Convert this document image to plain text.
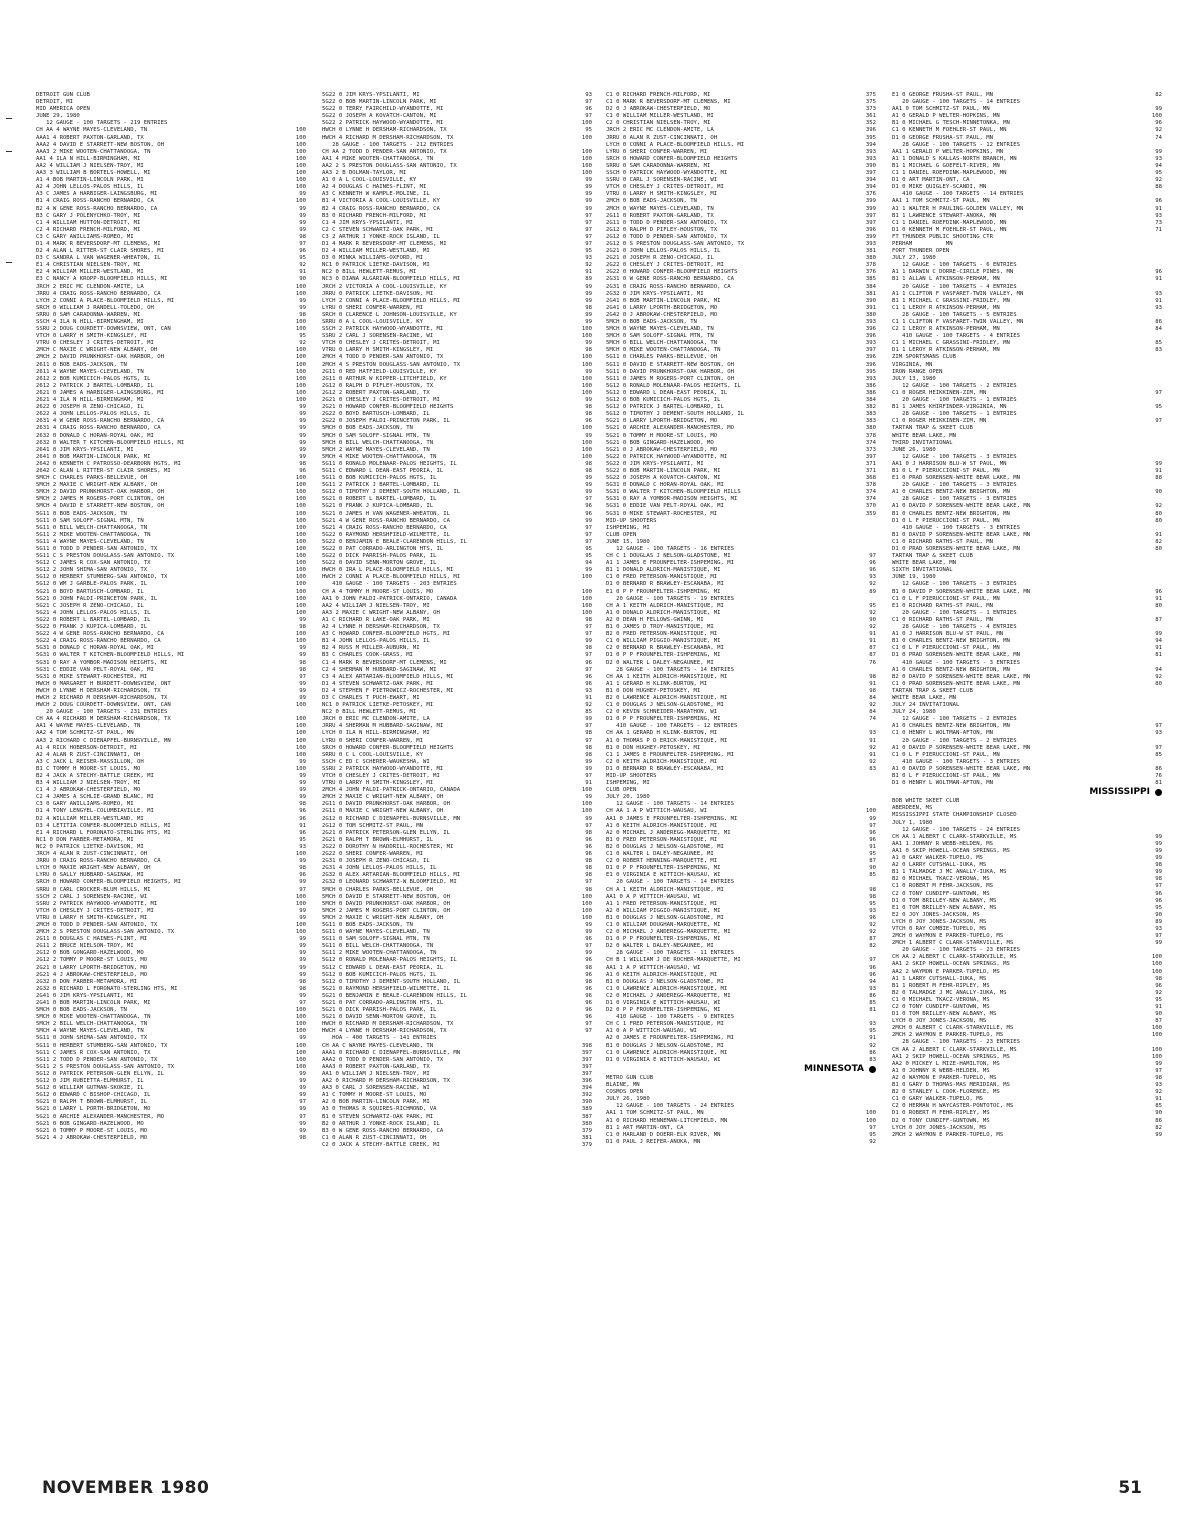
DETROIT GUN CLUB
DETROIT, MI
MID AMERICA OPEN
JUNE 29, 1980
12 GAUGE - 100 TARGETS - 219 ENTRIES
CH AA 4 WAYNE MAYES-CLEVELAND, TN	100
AAA1 4 ROBERT PAXTON-GARLAND, TX	100
AAA2 4 DAVID E STARRETT-NEW BOSTON, OH	100
AAA3 2 MIKE WOOTEN-CHATTANOOGA, TN	100
AA1 4 ILA N HILL-BIRMINGHAM, MI	100
AA2 4 WILLIAM J NIELSEN-TROY, MI	100
AA3 3 WILLIAM B BORTELS-HOWELL, MI	100
A1 4 BOB MARTIN-LINCOLN PARK, MI	100
A2 4 JOHN LELLOS-PALOS HILLS, IL	100
A3 C JAMES A HARBIGER-LAINGSBURG, MI	99
B1 4 CRAIG ROSS-RANCHO BERNARDO, CA	100
B2 4 W GENE ROSS-RANCHO BERNARDO, CA	99
B3 C GARY J POLENYCHKO-TROY, MI	99
C1 4 WILLIAM HUTTON-DETROIT, MI	99
C2 4 RICHARD FRENCH-MILFORD, MI	99
C3 C GARY AWILLIAMS-ROMEO, MI	98
D1 4 MARK R BEVERSDORF-MT CLEMENS, MI	97
D2 4 ALAN L RITTER-ST CLAIR SHORES, MI	96
D3 C SANDRA L VAN WAGENER-WHEATON, IL	95
E1 4 CHRISTIAN NIELSEN-TROY, MI	92
E2 4 WILLIAM MILLER-WESTLAND, MI	91
E3 C NANCY A KROPP-BLOOMFIELD HILLS, MI	90
JRCH 2 ERIC MC CLENDON-AMITE, LA	100
JRRU 4 CRAIG ROSS-RANCHO BERNARDO, CA	100
LYCH 2 CONNI A PLACE-BLOOMFIELD HILLS, MI	99
SRCH 0 WILLIAM J RANDELL-TOLEDO, OH	99
SRRU 0 SAM CARADONNA-WARREN, MI	98
SSCH 4 ILA N HILL-BIRMINGHAM, MI	100
SSRU 2 DOUG COURDETT-DOWNSVIEW, ONT, CAN	100
VTCH 0 LARRY H SMITH-KINGSLEY, MI	95
VTRU 0 CHESLEY J CRITES-DETROIT, MI	92
2MCH C MAXIE C WRIGHT-NEW ALBANY, OH	100
2MCH 2 DAVID PRUNKHORST-OAK HARBOR, OH	100
2611 0 BOB EADS-JACKSON, TN	100
2611 4 WAYNE MAYES-CLEVELAND, TN	100
2612 2 BOB KUMICICH-PALOS HGTS, IL	100
2612 2 PATRICK J BARTEL-LOMBARD, IL	100
2621 0 JAMES A HARBIGER-LAINGSBURG, MI	100
2621 4 ILA N HILL-BIRMINGHAM, MI	100
2622 0 JOSEPH R ZENO-CHICAGO, IL	99
2622 4 JOHN LELLOS-PALOS HILLS, IL	99
2631 4 W GENE ROSS-RANCHO BERNARDO, CA	99
2631 4 CRAIG ROSS-RANCHO BERNARDO, CA	99
2632 0 DONALD C HORAN-ROYAL OAK, MI	99
2632 0 WALTER T KITCHEN-BLOOMFIELD HILLS, MI	99
2641 0 JIM KRYS-YPSILANTI, MI	99
2641 0 BOB MARTIN-LINCOLN PARK, MI	99
2642 0 KENNETH C PATROSSO-DEARBORN HGTS, MI	98
2642 C ALAN L RITTER-ST CLAIR SHORES, MI	96
5MCH C CHARLES PARKS-BELLEVUE, OH	100
5MCH 2 MAXIE C WRIGHT-NEW ALBANY, OH	100
5MCH 2 DAVID PRUNKHORST-OAK HARBOR, OH	100
5MCH 2 JAMES M ROGERS-PORT CLINTON, OH	100
5MCH 4 DAVID E STARRETT-NEW BOSTON, OH	100
5G11 0 BOB EADS-JACKSON, TN	100
5G11 0 SAM SOLOFF-SIGNAL MTN, TN	100
5G11 0 BILL WELCH-CHATTANOOGA, TN	100
5G11 2 MIKE WOOTEN-CHATTANOOGA, TN	100
5G11 4 WAYNE MAYES-CLEVELAND, TN	100
5G11 0 TODD D PENDER-SAN ANTONIO, TX	100
5G11 C S PRESTON DOUGLASS-SAN ANTONIO, TX	100
5G12 C JAMES R COX-SAN ANTONIO, TX	100
5G12 2 JOHN SHIMA-SAN ANTONIO, TX	100
5G12 0 HERBERT STUMBERG-SAN ANTONIO, TX	100
5G12 0 WM J GARBLE-PALOS PARK, IL	100
5G21 0 BOYD BARTUSCH-LOMBARD, IL	100
5G21 0 JOHN FALDI-PRINCETON PARK, IL	100
5G21 C JOSEPH R ZENO-CHICAGO, IL	100
5G21 4 JOHN LELLOS-PALOS HILLS, IL	100
5G22 0 ROBERT L BARTEL-LOMBARD, IL	99
5G22 0 FRANK J KUPICA-LOMBARD, IL	98
5G22 4 W GENE ROSS-RANCHO BERNARDO, CA	100
5G22 4 CRAIG ROSS-RANCHO BERNARDO, CA	100
5G31 0 DONALD C HORAN-ROYAL OAK, MI	99
5G31 0 WALTER T KITCHEN-BLOOMFIELD HILLS, MI	99
5G31 0 RAY A YOMBOR-MADISON HEIGHTS, MI	98
5G31 C EDDIE VAN PELT-ROYAL OAK, MI	98
5G31 0 MIKE STEWART-ROCHESTER, MI	97
HWCH 0 MARGARET H BURDETT-DOWNSVIEW, ONT	99
HWCH 0 LYNNE H DERSHAM-RICHARDSON, TX	99
HWCH 2 RICHARD M DERSHAM-RICHARDSON, TX	99
HWCH 2 DOUG COURDETT-DOWNSVIEW, ONT, CAN	100
20 GAUGE - 100 TARGETS - 231 ENTRIES
CH AA 4 RICHARD M DERSHAM-RICHARDSON, TX	100
AA1 4 WAYNE MAYES-CLEVELAND, TN	100
AA2 4 TOM SCHMITZ-ST PAUL, MN	100
AA3 2 RICHARD C DIENAPFEL-BURNSVILLE, MN	100
A1 4 RICK HOBERSON-DETROIT, MI	100
A2 4 ALAN R ZUST-CINCINNATI, OH	100
A3 C JACK L REISER-MASSILLON, OH	99
B1 C TOMMY H MOORE-ST LOUIS, MO	100
B2 4 JACK A STECHY-BATTLE CREEK, MI	99
B3 4 WILLIAM J NIELSEN-TROY, MI	99
C1 4 J ABROKAW-CHESTERFIELD, MO	99
C2 4 JAMES A SCHLIE-GRAND BLANC, MI	99
C3 0 GARY AWILLIAMS-ROMEO, MI	98
D1 4 TONY LENGYEL-COLUMBIAVILLE, MI	96
D2 4 WILLIAM MILLER-WESTLAND, MI	96
D3 4 LETITIA CONFER-BLOOMFIELD HILLS, MI	91
E1 4 RICHARD L FORONATO-STERLING HTS, MI	96
NC1 0 DON FARBER-METAMORA, MI	95
NC2 0 PATRICK LIETKE-DAVISON, MI	93
JRCH 4 ALAN R ZUST-CINCINNATI, OH	100
JRRU 0 CRAIG ROSS-RANCHO BERNARDO, CA	99
LYCH 0 MAXIE WRIGHT-NEW ALBANY, OH	98
LYRU 0 SALLY HUBBARD-SAGINAW, MI	96
SRCH 0 HOWARD CONFER-BLOOMFIELD HEIGHTS, MI	99
SRRU 0 CARL CROCKER-BLUM HILLS, MI	97
SSCH 2 CARL J SORENSEN-RACINE, WI	100
SSRU 2 PATRICK HAYWOOD-WYANDOTTE, MI	100
VTCH 0 CHESLEY J CRITES-DETROIT, MI	99
VTRU 0 LARRY H SMITH-KINGSLEY, MI	99
2MCH 0 TODD D PENDER-SAN ANTONIO, TX	100
2MCH 2 S PRESTON DOUGLASS-SAN ANTONIO, TX	100
2G11 0 DOUGLAS C HAINES-FLINT, MI	99
2G11 2 BRUCE NIELSON-TROY, MI	99
2G12 0 BOB GONGARD-HAZELWOOD, MO	99
2G12 2 TOMMY P MOORE-ST LOUIS, MO	99
2G21 0 LARRY LPORTH-BRIDGETON, MO	99
2G21 4 J ABROKAW-CHESTERFIELD, MO	99
2G32 0 DON FARBER-METAMORA, MI	98
2G32 0 RICHARD L FORONATO-STERLING HTS, MI	98
2G41 0 JIM KRYS-YPSILANTI, MI	99
2G41 0 BOB MARTIN-LINCOLN PARK, MI	97
5MCH 0 BOB EADS-JACKSON, TN	100
5MCH 0 MIKE WOOTEN-CHATTANOOGA, TN	100
5MCH 2 BILL WELCH-CHATTANOOGA, TN	100
5MCH 4 WAYNE MAYES-CLEVELAND, TN	100
5G11 0 JOHN SHIMA-SAN ANTONIO, TX	99
5G11 0 HERBERT STUMBERG-SAN ANTONIO, TX	100
5G11 C JAMES R COX-SAN ANTONIO, TX	100
5G11 2 TODD D PENDER-SAN ANTONIO, TX	100
5G11 2 S PRESTON DOUGLASS-SAN ANTONIO, TX	100
5G12 0 PATRICK PETERSON-GLEN ELLYN, IL	99
5G12 0 JIM RUBIETTA-ELMHURST, IL	99
5G12 0 WILLIAM GUTMAN-SKOKIE, IL	99
5G12 0 EDWARD C BISHOP-CHICAGO, IL	99
5G21 0 RALPH T BROWN-ELMHURST, IL	97
5G21 0 LARRY L PORTH-BRIDGETON, MO	99
5G21 0 ARCHIE ALEXANDER-MANCHESTER, MO	97
5G21 0 BOB GINGARD-HAZELWOOD, MO	99
5G21 0 TOMMY P MOORE-ST LOUIS, MO	99
5G21 4 J ABROKAW-CHESTERFIELD, MO	98
5G22 0 JIM KRYS-YPSILANTI, MI	93
5G22 0 BOB MARTIN-LINCOLN PARK, MI	97
5G22 0 TERRY FAIRCHILD-WYANDOTTE, MI	96
5G22 0 JOSEPH A KOVATCH-CANTON, MI	97
5G22 2 PATRICK HAYWOOD-WYANDOTTE, MI	100
HWCH 0 LYNNE H DERSHAM-RICHARDSON, TX	95
HWCH 4 RICHARD M DERSHAM-RICHARDSON, TX	100
28 GAUGE - 100 TARGETS - 212 ENTRIES
CH AA 2 TODD D PENDER-SAN ANTONIO, TX	100
AA1 4 MIKE WOOTEN-CHATTANOOGA, TN	100
AA2 2 S PRESTON DOUGLASS-SAN ANTONIO, TX	100
AA3 2 B DOLMAN-TAYLOR, MI	100
A1 0 A L COOL-LOUISVILLE, KY	99
A2 4 DOUGLAS C HAINES-FLINT, MI	99
A3 C KENNETH W KAMPLE-MOLINE, IL	99
B1 4 VICTORIA A COOL-LOUISVILLE, KY	99
B2 4 CRAIG ROSS-RANCHO BERNARDO, CA	99
B3 0 RICHARD FRENCH-MILFORD, MI	97
C1 4 JIM KRYS-YPSILANTI, MI	97
C2 C STEVEN SCHWARTZ-OAK PARK, MI	97
C3 2 ARTHUR J YONKE-ROCK ISLAND, IL	97
D1 4 MARK R BEVERSDORF-MT CLEMENS, MI	97
D2 4 WILLIAM MILLER-WESTLAND, MI	95
D3 0 MINKA WILLIAMS-OXFORD, MI	93
NC1 0 PATRICK LIETKE-DAVISON, MI	92
NC2 0 BILL HEWLETT-REMUS, MI	91
NC3 0 DIANA ALGARIAN-BLOOMFIELD HILLS, MI	89
JRCH 2 VICTORIA A COOL-LOUISVILLE, KY	99
JRRU 0 PATRICK LIETKE-DAVISON, MI	99
LYCH 2 CONNI A PLACE-BLOOMFIELD HILLS, MI	99
LYRU 0 SHERI CONFER-WARREN, MI	98
SRCH 0 CLARENCE L JOHNSON-LOUISVILLE, KY	99
SRRU 0 A L COOL-LOUISVILLE, KY	99
SSCH 2 PATRICK HAYWOOD-WYANDOTTE, MI	100
SSRU 2 CARL J SORENSEN-RACINE, WI	100
VTCH 0 CHESLEY J CRITES-DETROIT, MI	99
VTRU 0 LARRY H SMITH-KINGSLEY, MI	98
2MCH 4 TODD D PENDER-SAN ANTONIO, TX	100
2MCH 4 S PRESTON DOUGLASS-SAN ANTONIO, TX	100
2G11 0 RED HATFIELD-LOUISVILLE, KY	99
2G11 0 ARTHUR W KIPPER-LITCHFIELD, KY	100
2G12 0 RALPH D PIFLEY-HOUSTON, TX	100
2G12 2 ROBERT PAXTON-GARLAND, TX	100
2G21 0 CHESLEY J CRITES-DETROIT, MI	99
2G21 0 HOWARD CONFER-BLOOMFIELD HEIGHTS	98
2G22 0 BOYD BARTUSCH-LOMBARD, IL	98
2G22 0 JOSEPH FALDI-PRINCETON PARK, IL	96
5MCH 0 BOB EADS-JACKSON, TN	100
5MCH 0 SAM SOLOFF-SIGNAL MTN, TN	99
5MCH 0 BILL WELCH-CHATTANOOGA, TN	100
5MCH 2 WAYNE MAYES-CLEVELAND, TN	100
5MCH 4 MIKE WOOTEN-CHATTANOOGA, TN	100
5G11 0 RONALD MOLENAAR-PALOS HEIGHTS, IL	98
5G11 C EDWARD L DEAN-EAST PEORIA, IL	98
5G11 0 BOB KUMICICH-PALOS HGTS, IL	99
5G11 2 PATRICK J BARTEL-LOMBARD, IL	99
5G12 0 TIMOTHY J DEMENT-SOUTH HOLLAND, IL	99
5G21 0 ROBERT L BARTEL-LOMBARD, IL	97
5G21 0 FRANK J KUPICA-LOMBARD, IL	96
5G21 0 JAMES H VAN WAGENER-WHEATON, IL	96
5G21 4 W GENE ROSS-RANCHO BERNARDO, CA	99
5G21 4 CRAIG ROSS-RANCHO BERNARDO, CA	97
5G22 0 RAYMOND HERSHFIELD-WILMETTE, IL	97
5G22 0 BENJAMIN E BEALE-CLARENDON HILLS, IL	97
5G22 0 PAT CORRADO-ARLINGTON HTS, IL	95
5G22 0 DICK PARRISH-PALOS PARK, IL	95
5G22 0 DAVID SENN-MORTON GROVE, IL	94
HWCH 0 IRA L PLACE-BLOOMFIELD HILLS, MI	99
HWCH 2 CONNI A PLACE-BLOOMFIELD HILLS, MI	100
410 GAUGE - 100 TARGETS - 203 ENTRIES
CH A 4 TOMMY H MOORE-ST LOUIS, MO	100
AA1 0 JOHN FALDI-PATRICK-ONTARIO, CANADA	100
AA2 4 WILLIAM J NIELSEN-TROY, MI	100
AA3 2 MAXIE C WRIGHT-NEW ALBANY, OH	100
A1 C RICHARD R LAKE-OAK PARK, MI	98
A2 4 LYNNE H DERSHAM-RICHARDSON, TX	97
A3 C HOWARD CONFER-BLOOMFIELD HGTS, MI	97
B1 4 JOHN LELLOS-PALOS HILLS, IL	99
B2 4 RUSS M MILLER-AUBURN, MI	98
B3 C CHARLES COOK-GRASS, MI	97
C1 4 MARK R BEVERSDORF-MT CLEMENS, MI	96
C2 4 SHERMAN M HUBBARD-SAGINAW, MI	97
C3 4 ALEX ARTARIAN-BLOOMFIELD HILLS, MI	96
D1 4 STEVEN SCHWARTZ-OAK PARK, MI	96
D2 4 STEPHEN F PIETROWICZ-ROCHESTER, MI	93
D3 C CHARLES T PUCH-EWART, MI	91
NC1 0 PATRICK LIETKE-PETOSKEY, MI	92
NC2 0 BILL HEWLETT-REMUS, MI	85
JRCH 0 ERIC MC CLENDON-AMITE, LA	99
JRRU 4 SHERMAN M HUBBARD-SAGINAW, MI	97
LYCH 0 ILA N HILL-BIRMINGHAM, MI	98
LYRU 0 SHERI CONFER-WARREN, MI	97
SRCH 0 HOWARD CONFER-BLOOMFIELD HEIGHTS	98
SRRU 0 C L COOL-LOUISVILLE, KY	98
SSCH C ED C SCHERER-WAUKESHA, WI	99
SSRU 2 PATRICK HAYWOOD-WYANDOTTE, MI	99
VTCH 0 CHESLEY J CRITES-DETROIT, MI	97
VTRU 0 LARRY H SMITH-KINGSLEY, MI	91
2MCH 4 JOHN FALDI-PATRICK-ONTARIO, CANADA	100
2MCH 2 MAXIE C WRIGHT-NEW ALBANY, OH	99
2G11 0 DAVID PRUNKHORST-OAK HARBOR, OH	100
2G11 0 MAXIE C WRIGHT-NEW ALBANY, OH	100
2G12 0 RICHARD C DIENAPFEL-BURNSVILLE, MN	99
2G12 0 TOM SCHMITZ-ST PAUL, MN	97
2G21 0 PATRICK PETERSON-GLEN ELLYN, IL	98
2G21 0 RALPH T BROWN-ELMHURST, IL	96
2G22 0 DOROTHY N HADDRILL-ROCHESTER, MI	96
2G22 0 SHERI CONFER-WARREN, MI	96
2G31 0 JOSEPH R ZENO-CHICAGO, IL	98
2G31 4 JOHN LELLOS-PALOS HILLS, IL	98
2G32 0 ALEX ARTARIAN-BLOOMFIELD HILLS, MI	98
2G32 0 LEONARD SCHWARTZ-W BLOOMFIELD, MI	97
5MCH 0 CHARLES PARKS-BELLEVUE, OH	98
5MCH 0 DAVID E STARRETT-NEW BOSTON, OH	100
5MCH 0 DAVID PRUNKHORST-OAK HARBOR, OH	100
5MCH 2 JAMES M ROGERS-PORT CLINTON, OH	100
5MCH 2 MAXIE C WRIGHT-NEW ALBANY, OH	100
5G11 0 BOB EADS-JACKSON, TN	99
5G11 0 WAYNE MAYES-CLEVELAND, TN	99
5G11 0 SAM SOLOFF-SIGNAL MTN, TN	96
5G11 0 BILL WELCH-CHATTANOOGA, TN	97
5G11 2 MIKE WOOTEN-CHATTANOOGA, TN	99
5G12 0 RONALD MOLENAAR-PALOS HEIGHTS, IL	96
5G12 C EDWARD L DEAN-EAST PEORIA, IL	98
5G12 0 BOB KUMICICH-PALOS HGTS, IL	96
5G12 0 TIMOTHY J DEMENT-SOUTH HOLLAND, IL	98
5G21 0 RAYMOND HERSHFIELD-WILMETTE, IL	96
5G21 0 BENJAMIN E BEALE-CLARENDON HILLS, IL	96
5G21 0 PAT CORRADO-ARLINGTON HTS, IL	96
5G21 0 DICK PARRISH-PALOS PARK, IL	96
5G21 0 DAVID SENN-MORTON GROVE, IL	96
HWCH 0 RICHARD M DERSHAM-RICHARDSON, TX	97
HWCH 4 LYNNE H DERSHAM-RICHARDSON, TX	97
HOA - 400 TARGETS - 141 ENTRIES
CH AA C WAYNE MAYES-CLEVELAND, TN	398
AAA1 0 RICHARD C DIENAPFEL-BURNSVILLE, MN	397
AAA2 0 TODD D PENDER-SAN ANTONIO, TX	397
AAA3 0 ROBERT PAXTON-GARLAND, TX	397
AA1 0 WILLIAM J NIELSEN-TROY, MI	397
AA2 0 RICHARD M DERSHAM-RICHARDSON, TX	396
AA3 0 CARL J SORENSEN-RACINE, WI	394
A1 C TOMMY H MOORE-ST LOUIS, MO	392
A2 0 BOB MARTIN-LINCOLN PARK, MI	390
A3 0 THOMAS R SQUIRES-RICHMOND, VA	389
B1 0 STEVEN SCHWARTZ-OAK PARK, MI	387
B2 0 ARTHUR J YONKE-ROCK ISLAND, IL	380
B3 0 W GENE ROSS-RANCHO BERNARDO, CA	379
C1 0 ALAN R ZUST-CINCINNATI, OH	381
C2 0 JACK A STECHY-BATTLE CREEK, MI	379
C1 0 RICHARD FRENCH-MILFORD, MI	375
C1 0 MARK R BEVERSDORF-MT CLEMENS, MI	375
D2 0 J ABROKAW-CHESTERFIELD, MO	373
C1 0 WILLIAM MILLER-WESTLAND, MI	361
C2 0 CHRISTIAN NIELSEN-TROY, MI	352
JRCH 2 ERIC MC CLENDON-AMITE, LA	396
JRRU 0 ALAN R ZUST-CINCINNATI, OH	395
LYCH 0 CONNI A PLACE-BLOOMFIELD HILLS, MI	394
LYRU 0 SHERI CONFER-WARREN, MI	393
SRCH 0 HOWARD CONFER-BLOOMFIELD HEIGHTS	393
SRRU 0 SAM CARADONNA-WARREN, MI	390
SSCH 0 PATRICK HAYWOOD-WYANDOTTE, MI	397
SSRU 0 CARL J SORENSEN-RACINE, WI	394
VTCH 0 CHESLEY J CRITES-DETROIT, MI	394
VTRU 0 LARRY H SMITH-KINGSLEY, MI	376
2MCH 0 BOB EADS-JACKSON, TN	399
2MCH 0 WAYNE MAYES-CLEVELAND, TN	399
2G11 0 ROBERT PAXTON-GARLAND, TX	397
2G11 0 TODD D PENDER-SAN ANTONIO, TX	397
2G12 0 RALPH D PIFLEY-HOUSTON, TX	396
2G12 0 TODD D PENDER-SAN ANTONIO, TX	399
2G12 0 S PRESTON DOUGLASS-SAN ANTONIO, TX	393
2G21 0 JOHN LELLOS-PALOS HILLS, IL	381
2G21 0 JOSEPH R ZENO-CHICAGO, IL	380
2G22 0 CHESLEY J CRITES-DETROIT, MI	378
2G22 0 HOWARD CONFER-BLOOMFIELD HEIGHTS	376
2G31 0 W GENE ROSS-RANCHO BERNARDO, CA	385
2G31 0 CRAIG ROSS-RANCHO BERNARDO, CA	384
2G32 0 JIM KRYS-YPSILANTI, MI	381
2G41 0 BOB MARTIN-LINCOLN PARK, MI	390
2G41 0 LARRY LPORTH-BRIDGETON, MO	391
2G42 0 J ABROKAW-CHESTERFIELD, MO	380
5MCH 0 BOB EADS-JACKSON, TN	393
5MCH 0 WAYNE MAYES-CLEVELAND, TN	396
5MCH 0 SAM SOLOFF-SIGNAL MTN, TN	396
5MCH 0 BILL WELCH-CHATTANOOGA, TN	393
5MCH 0 MIKE WOOTEN-CHATTANOOGA, TN	397
5G11 0 CHARLES PARKS-BELLEVUE, OH	396
5G11 0 DAVID E STARRETT-NEW BOSTON, OH	396
5G11 0 DAVID PRUNKHORST-OAK HARBOR, OH	395
5G11 0 JAMES M ROGERS-PORT CLINTON, OH	393
5G12 0 RONALD MOLENAAR-PALOS HEIGHTS, IL	386
5G12 0 EDWARD L DEAN-EAST PEORIA, IL	386
5G12 0 BOB KUMICICH-PALOS HGTS, IL	384
5G12 0 PATRICK J BARTEL-LOMBARD, IL	382
5G12 0 TIMOTHY J DEMENT-SOUTH HOLLAND, IL	383
5G21 0 LARRY LPORTH-BRIDGETON, MO	383
5G21 0 ARCHIE ALEXANDER-MANCHESTER, MO	380
5G21 0 TOMMY H MOORE-ST LOUIS, MO	378
5G21 0 BOB GINGARD-HAZELWOOD, MO	374
5G21 0 J ABROKAW-CHESTERFIELD, MO	373
5G22 0 PATRICK HAYWOOD-WYANDOTTE, MI	397
5G22 0 JIM KRYS-YPSILANTI, MI	371
5G22 0 BOB MARTIN-LINCOLN PARK, MI	371
5G22 0 JOSEPH A KOVATCH-CANTON, MI	368
5G31 0 DONALD C HORAN-ROYAL OAK, MI	378
5G31 0 WALTER T KITCHEN-BLOOMFIELD HILLS	374
5G31 0 RAY A YOMBOR-MADISON HEIGHTS, MI	374
5G31 0 EDDIE VAN PELT-ROYAL OAK, MI	370
5G31 0 MIKE STEWART-ROCHESTER, MI	359
MID-UP SHOOTERS
ISHPEMING, MI
CLUB OPEN
JUNE 15, 1980
12 GAUGE - 100 TARGETS - 16 ENTRIES
CH C 1 DOUGLAS J NELSON-GLADSTONE, MI	97
A1 1 JAMES E FROUNFELTER-ISHPEMING, MI	96
B1 1 DONALD ALDRICH-MANISTIQUE, MI	96
C1 0 FRED PETERSON-MANISTIQUE, MI	93
D1 0 BERNARD R BRAWLEY-ESCANABA, MI	92
E1 0 P P FROUNFELTER-ISHPEMING, MI	89
20 GAUGE - 100 TARGETS - 19 ENTRIES
CH A 1 KEITH ALDRICH-MANISTIQUE, MI	95
A1 0 DONALD ALDRICH-MANISTIQUE, MI	92
A2 0 DEAN H FELLOWS-GWINN, MI	90
B1 0 JAMES D TROY-MANISTIQUE, MI	92
B2 0 FRED PETERSON-MANISTIQUE, MI	91
C1 0 WILLIAM PIGGIO-MANISTIQUE, MI	91
C2 0 BERNARD R BRAWLEY-ESCANABA, MI	87
D1 0 P P FROUNFELTER-ISHPEMING, MI	87
D2 0 WALTER L DALEY-NEGAUNEE, MI	76
28 GAUGE - 100 TARGETS - 14 ENTRIES
CH AA 1 KEITH ALDRICH-MANISTIQUE, MI	98
A1 1 GERARD H KLINK-BURTON, MI	91
B1 0 DON HUGHEY-PETOSKEY, MI	98
B2 0 LAWRENCE ALDRICH-MANISTIQUE, MI	84
C1 0 DOUGLAS J NELSON-GLADSTONE, MI	92
C2 0 KEVIN SCHNEIDER-MARATHON, WI	84
D1 0 P P FROUNFELTER-ISHPEMING, MI	74
410 GAUGE - 100 TARGETS - 12 ENTRIES
CH AA 1 GERARD H KLINK-BURTON, MI	93
A1 0 THOMAS P D ERICK-MANISTIQUE, MI	91
B1 0 DON HUGHEY-PETOSKEY, MI	92
C1 1 JAMES E FROUNFELTER-ISHPEMING, MI	91
C2 0 KEITH ALDRICH-MANISTIQUE, MI	92
D1 0 BERNARD R BRAWLEY-ESCANABA, MI	83
MID-UP SHOOTERS
ISHPEMING, MI
CLUB OPEN
JULY 20, 1980
12 GAUGE - 100 TARGETS - 14 ENTRIES
CH AA 1 A P WITTICH-WAUSAU, WI	100
AA1 0 JAMES E FROUNFELTER-ISHPEMING, MI	99
A1 0 KEITH ALDRICH-MANISTIQUE, MI	97
A2 0 MICHAEL J ANDEREGG-MARQUETTE, MI	96
B1 0 FRED PETERSON-MANISTIQUE, MI	96
B2 0 DOUGLAS J NELSON-GLADSTONE, MI	91
C1 0 WALTER L DALEY-NEGAUNEE, MI	95
C2 0 ROBERT HENNING-MARQUETTE, MI	87
D1 0 P P FROUNFELTER-ISHPEMING, MI	90
E1 0 VIRGINIA E WITTICH-WAUSAU, WI	85
20 GAUGE - 100 TARGETS - 14 ENTRIES
CH A 1 KEITH ALDRICH-MANISTIQUE, MI	98
AA1 0 A P WITTICH-WAUSAU, WI	98
A1 1 FRED PETERSON-MANISTIQUE, MI	95
A2 0 WILLIAM PIGGIO-MANISTIQUE, MI	93
B1 0 DOUGLAS J NELSON-GLADSTONE, MI	96
C1 0 WILLIAM DOUGHAN-MARQUETTE, MI	92
C2 0 MICHAEL J ANDEREGG-MARQUETTE, MI	92
D1 0 P P FROUNFELTER-ISHPEMING, MI	87
D2 0 WALTER L DALEY-NEGAUNEE, MI	82
28 GAUGE - 100 TARGETS - 11 ENTRIES
CH B 1 WILLIAM J DE ROCHER-MARQUETTE, MI	97
AA1 1 A P WITTICH-WAUSAU, WI	96
A1 0 KEITH ALDRICH-MANISTIQUE, MI	96
B1 0 DOUGLAS J NELSON-GLADSTONE, MI	94
C1 0 LAWRENCE ALDRICH-MANISTIQUE, MI	93
C2 0 MICHAEL J ANDEREGG-MARQUETTE, MI	86
D1 0 VIRGINIA E WITTICH-WAUSAU, WI	85
D2 0 P P FROUNFELTER-ISHPEMING, MI	81
410 GAUGE - 100 TARGETS - 9 ENTRIES
CH C 1 FRED PETERSON-MANISTIQUE, MI	93
A1 0 A P WITTICH-WAUSAU, WI	95
A2 0 JAMES E FROUNFELTER-ISHPEMING, MI	91
B1 0 DOUGLAS J NELSON-GLADSTONE, MI	92
C1 0 LAWRENCE ALDRICH-MANISTIQUE, MI	86
D1 0 VIRGINIA E WITTICH-WAUSAU, WI	83
MINNESOTA
METRO GUN CLUB
BLAINE, MN
COSMOS OPEN
JULY 26, 1980
12 GAUGE - 100 TARGETS - 24 ENTRIES
AA1 1 TOM SCHMITZ-ST PAUL, MN	100
A1 0 RICHARD HENNEMAN-LITCHFIELD, MN	100
B1 1 ART MARTIN-ONT, CA	97
C1 0 HARLAND D DOERR-ELK RIVER, MN	95
D1 0 PAUL J REIFER-ANOKA, MN	92
E1 0 GEORGE FRUSHA-ST PAUL, MN	82
20 GAUGE - 100 TARGETS - 14 ENTRIES
AA1 0 TOM SCHMITZ-ST PAUL, MN	99
A1 0 GERALD P WELTER-HOPKINS, MN	100
B1 0 MICHAEL G TESCH-MINNETONKA, MN	96
C1 0 KENNETH M FOEHLER-ST PAUL, MN	92
D1 0 GEORGE FRUSHA-ST PAUL, MN	74
28 GAUGE - 100 TARGETS - 12 ENTRIES
AA1 1 GERALD P WELTER-HOPKINS, MN	99
A1 1 DONALD S KALLAS-NORTH BRANCH, MN	93
B1 1 MICHAEL G GOEFELT-RIVER, MN	94
C1 1 DANIEL ROEFDINK-MAPLEWOOD, MN	95
D1 0 ART MARTIN-ONT, CA	92
D1 0 MIKE QUIGLEY-SCANDI, MN	88
410 GAUGE - 100 TARGETS - 14 ENTRIES
AA1 1 TOM SCHMITZ-ST PAUL, MN	96
A1 1 WALTER H PAULING-GOLDEN VALLEY, MN	91
B1 1 LAWRENCE STEWART-ANOKA, MN	93
C1 1 DANIEL ROEFDINK-MAPLEWOOD, MN	73
D1 0 KENNETH M FOEHLER-ST PAUL, MN	71
FT THUNDER PUBLIC SHOOTING CTR
PERHAM          MN
FORT THUNDER OPEN
JULY 27, 1980
12 GAUGE - 100 TARGETS - 6 ENTRIES
A1 1 DARWIN C DORRE-CIRCLE PINES, MN	96
B1 1 ALLAN L ATKINSON-PERHAM, MN	91
20 GAUGE - 100 TARGETS - 4 ENTRIES
A1 1 CLIFTON F VASFARET-TWIN VALLEY, MN	93
B1 1 MICHAEL C GRASSINI-FRIDLEY, MN	91
C1 1 LEROY R ATKINSON-PERHAM, MN	93
28 GAUGE - 100 TARGETS - 5 ENTRIES
C1 1 CLIFTON F VASFARET-TWIN VALLEY, MN	86
C2 1 LEROY R ATKINSON-PERHAM, MN	84
410 GAUGE - 100 TARGETS - 4 ENTRIES
C1 1 MICHAEL C GRASSINI-FRIDLEY, MN	85
D1 1 LEROY R ATKINSON-PERHAM, MN	83
ZIM SPORTSMANS CLUB
VIRGINIA, MN
IRON RANGE OPEN
JULY 13, 1980
12 GAUGE - 100 TARGETS - 2 ENTRIES
C1 0 ROGER HEIKKINEN-ZIM, MN	97
20 GAUGE - 100 TARGETS - 1 ENTRIES
B1 1 JAMES KHIRFINDER-VIRGINIA, MN	95
28 GAUGE - 100 TARGETS - 1 ENTRIES
C1 0 ROGER HEIKKINEN-ZIM, MN	97
TARTAN TRAP & SKEET CLUB
WHITE BEAR LAKE, MN
THIRD INVITATIONAL
JUNE 26, 1980
12 GAUGE - 100 TARGETS - 3 ENTRIES
AA1 0 J HARRISON BLU-W ST PAUL, MN	99
B1 0 L F PIERUCCIONI-ST PAUL, MN	91
E1 0 PRAD SORENSEN-WHITE BEAR LAKE, MN	88
20 GAUGE - 100 TARGETS - 3 ENTRIES
A1 0 CHARLES BENTZ-NEW BRIGHTON, MN	90
28 GAUGE - 100 TARGETS - 3 ENTRIES
A1 0 DAVID P SORENSEN-WHITE BEAR LAKE, MN	92
B1 0 CHARLES BENTZ-NEW BRIGHTON, MN	80
D1 0 L F PIERUCCIONI-ST PAUL, MN	80
410 GAUGE - 100 TARGETS - 3 ENTRIES
B1 0 DAVID P SORENSEN-WHITE BEAR LAKE, MN	91
C1 0 RICHARD RATHS-ST PAUL, MN	82
D1 0 PRAD SORENSEN-WHITE BEAR LAKE, MN	80
TARTAN TRAP & SKEET CLUB
WHITE BEAR LAKE, MN
SIXTH INVITATIONAL
JUNE 19, 1980
12 GAUGE - 100 TARGETS - 3 ENTRIES
B1 0 DAVID P SORENSEN-WHITE BEAR LAKE, MN	96
C1 0 L F PIERUCCIONI-ST PAUL, MN	91
E1 0 RICHARD RATHS-ST PAUL, MN	80
20 GAUGE - 100 TARGETS - 1 ENTRIES
C1 0 RICHARD RATHS-ST PAUL, MN	87
28 GAUGE - 100 TARGETS - 4 ENTRIES
A1 0 J HARRISON BLU-W ST PAUL, MN	99
B1 0 CHARLES BENTZ-NEW BRIGHTON, MN	94
C1 0 L F PIERUCCIONI-ST PAUL, MN	91
D1 0 PRAD SORENSEN-WHITE BEAR LAKE, MN	81
410 GAUGE - 100 TARGETS - 3 ENTRIES
A1 0 CHARLES BENTZ-NEW BRIGHTON, MN	94
B2 0 DAVID P SORENSEN-WHITE BEAR LAKE, MN	92
C1 0 PRAD SORENSEN-WHITE BEAR LAKE, MN	80
TARTAN TRAP & SKEET CLUB
WHITE BEAR LAKE, MN
JULY 24 INVITATIONAL
JULY 24, 1980
12 GAUGE - 100 TARGETS - 2 ENTRIES
A1 0 CHARLES BENTZ-NEW BRIGHTON, MN	97
C1 0 HENRY L WOLTMAN-AFTON, MN	93
20 GAUGE - 100 TARGETS - 2 ENTRIES
A1 0 DAVID P SORENSEN-WHITE BEAR LAKE, MN	97
C1 0 L F PIERUCCIONI-ST PAUL, MN	85
410 GAUGE - 100 TARGETS - 3 ENTRIES
A1 0 DAVID P SORENSEN-WHITE BEAR LAKE, MN	86
B1 0 L F PIERUCCIONI-ST PAUL, MN	76
D1 0 HENRY L WOLTMAN-AFTON, MN	81
MISSISSIPPI
BOB WHITE SKEET CLUB
ABERDEEN, MS
MISSISSIPPI STATE CHAMPIONSHIP CLOSED
JULY 1, 1980
12 GAUGE - 100 TARGETS - 24 ENTRIES
CH AA 1 ALBERT C CLARK-STARKVILLE, MS	99
AA1 1 JOHNNY R WEBB-HELDEN, MS	99
AA1 0 SKIP HOWELL-OCEAN SPRINGS, MS	99
A1 0 GARY WALKER-TUPELO, MS	99
A2 0 LARRY CUTSHALL-IUKA, MS	98
B1 1 TALMADGE J MC ANALLY-IUKA, MS	99
B2 0 MICHAEL TKACZ-VERONA, MS	98
C1 0 ROBERT M FEHR-JACKSON, MS	97
C2 0 TONY CUNDIFF-GUNTOWN, MS	96
D1 0 TOM BRILLEY-NEW ALBANY, MS	96
E1 0 TOM BRILLEY-NEW ALBANY, MS	95
E2 0 JOY JONES-JACKSON, MS	90
LYCH 0 JOY JONES-JACKSON, MS	89
VTCH 0 RAY CUMBIE-TUPELO, MS	93
2MCH 0 WAYMON E PARKER-TUPELO, MS	97
2MCH 1 ALBERT C CLARK-STARKVILLE, MS	99
20 GAUGE - 100 TARGETS - 23 ENTRIES
CH AA 2 ALBERT C CLARK-STARKVILLE, MS	100
AA1 2 SKIP HOWELL-OCEAN SPRINGS, MS	100
AA2 2 WAYMON E PARKER-TUPELO, MS	100
A1 1 LARRY CUTSHALL-IUKA, MS	98
B1 1 ROBERT M FEHR-RIPLEY, MS	96
B2 0 TALMADGE J MC ANALLY-IUKA, MS	92
C1 0 MICHAEL TKACZ-VERONA, MS	95
C2 0 TONY CUNDIFF-GUNTOWN, MS	91
D1 0 TOM BRILLEY-NEW ALBANY, MS	90
LYCH 0 JOY JONES-JACKSON, MS	87
2MCH 0 ALBERT C CLARK-STARKVILLE, MS	100
2MCH 2 WAYMON E PARKER-TUPELO, MS	100
28 GAUGE - 100 TARGETS - 23 ENTRIES
CH AA 2 ALBERT C CLARK-STARKVILLE, MS	100
AA1 2 SKIP HOWELL-OCEAN SPRINGS, MS	100
AA2 0 MICKEY L MIZE-HAMILTON, MS	99
A1 0 JOHNNY R WEBB-HELDEN, MS	97
A2 0 WAYMON E PARKER-TUPELO, MS	98
B1 0 GARY D THOMAS-MAS MERIDIAN, MS	93
B2 0 STANLEY L COOK-FLORENCE, MS	92
C1 0 GARY WALKER-TUPELO, MS	91
C2 0 HERMAN H WAYCASTER-PONTOTOC, MS	85
D1 0 ROBERT M FEHR-RIPLEY, MS	90
D2 0 TONY CUNDIFF-GUNTOWN, MS	86
LYCH 0 JOY JONES-JACKSON, MS	82
2MCH 2 WAYMON E PARKER-TUPELO, MS	99
NOVEMBER 1980	51
